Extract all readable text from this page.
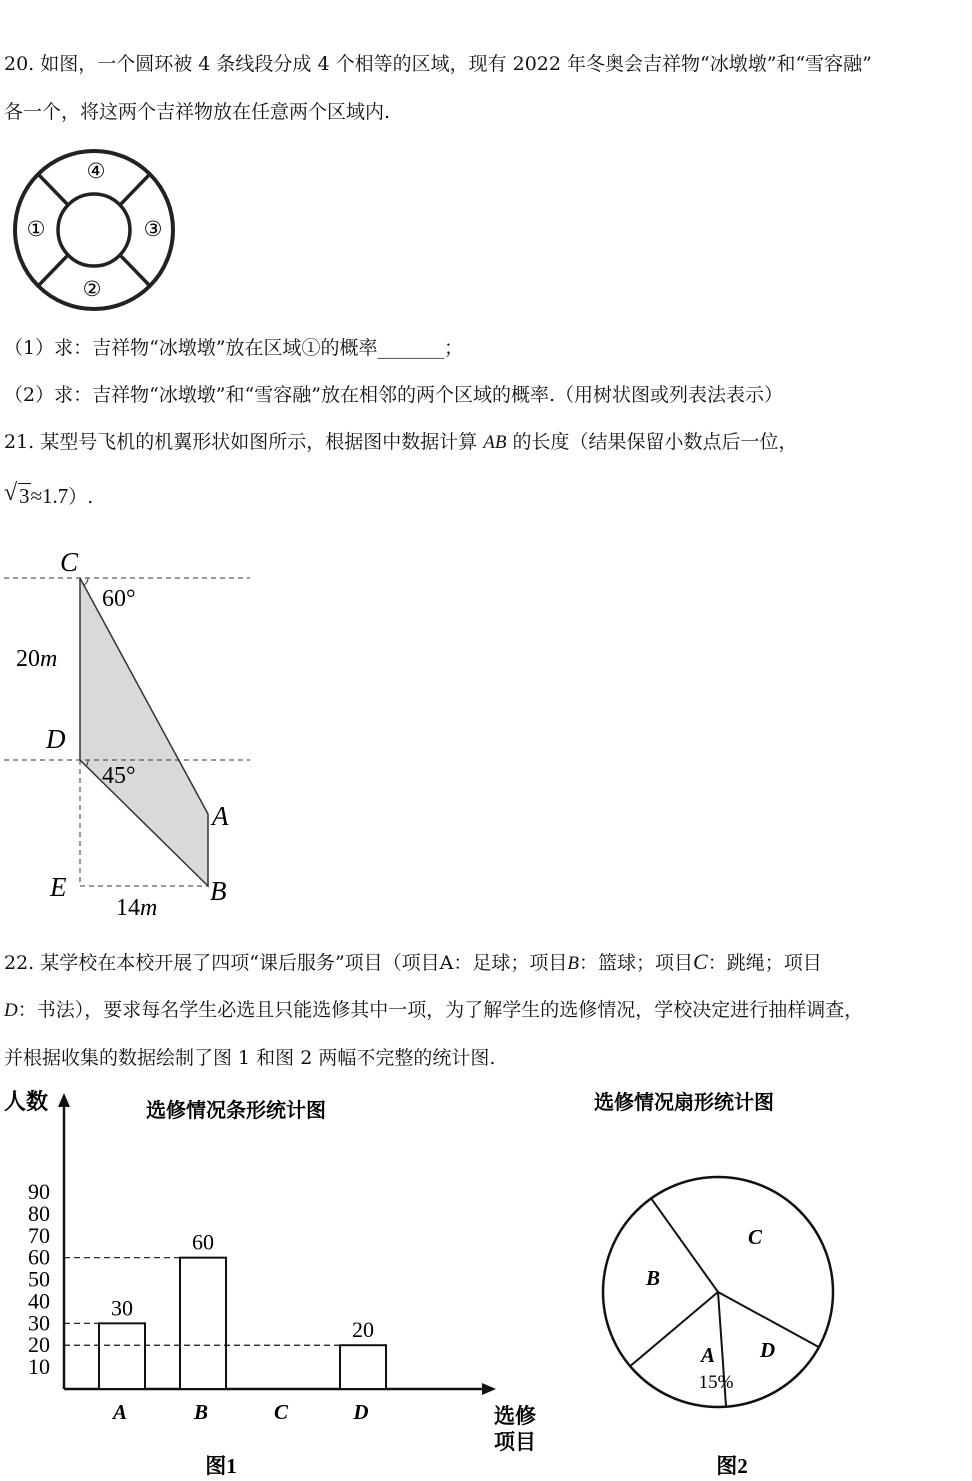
20. 如图，一个圆环被 4 条线段分成 4 个相等的区域，现有 2022 年冬奥会吉祥物“冰墩墩”和“雪容融”
各一个，将这两个吉祥物放在任意两个区域内.
④
①	③
②
（1）求：吉祥物“冰墩墩”放在区域①的概率_______；
（2）求：吉祥物“冰墩墩”和“雪容融”放在相邻的两个区域的概率.（用树状图或列表法表示）
21. 某型号飞机的机翼形状如图所示，根据图中数据计算 AB 的长度（结果保留小数点后一位，
√ 3≈1.7）.
C
60°
20m
D
45°
A
E	B
14m
22. 某学校在本校开展了四项“课后服务”项目（项目A：足球；项目B：篮球；项目C：跳绳；项目
D：书法），要求每名学生必选且只能选修其中一项，为了解学生的选修情况，学校决定进行抽样调查，
并根据收集的数据绘制了图 1 和图 2 两幅不完整的统计图.
人数	选修情况条形统计图
10
20
30
40
50
60
70
80
90
30
A
60
B	C
20
D	选修
项目
图1
选修情况扇形统计图
B
C
D
A
15%
图2
